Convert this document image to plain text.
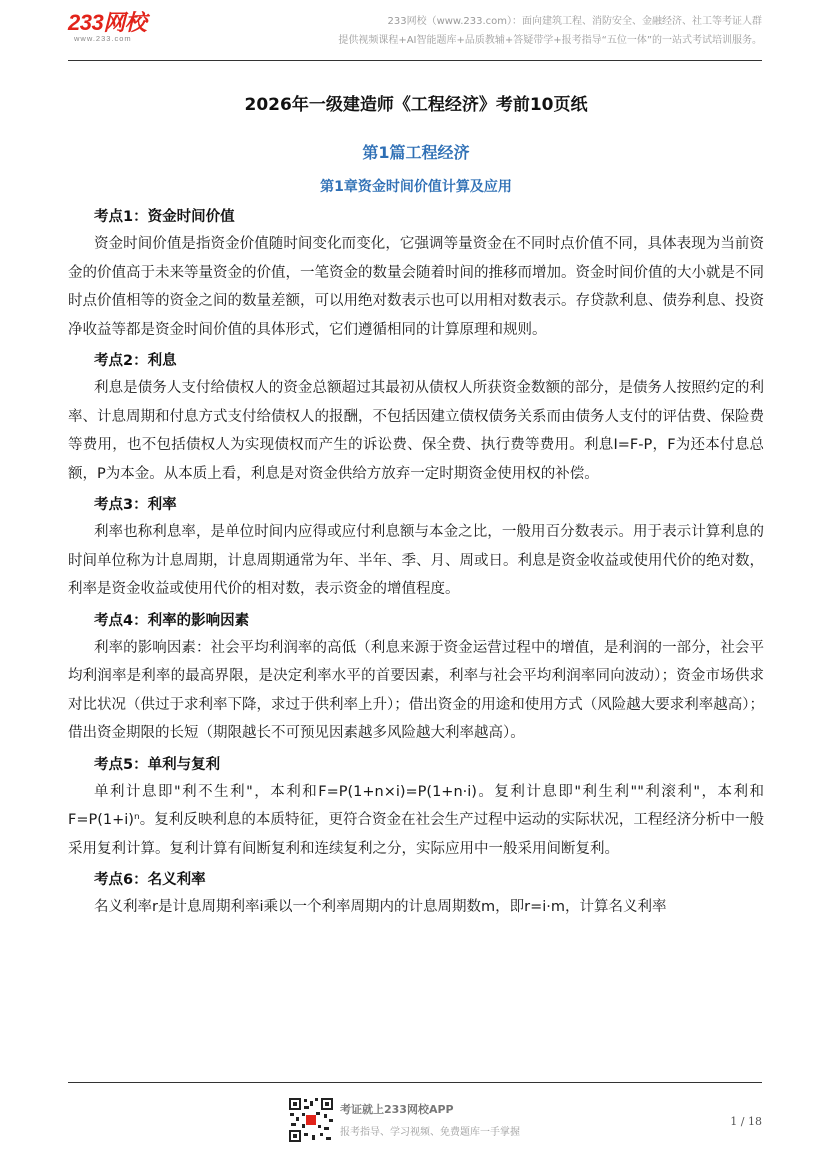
233网校
www.233.com
233网校（www.233.com）：面向建筑工程、消防安全、金融经济、社工等考证人群
提供视频课程+AI智能题库+品质教辅+答疑带学+报考指导“五位一体”的一站式考试培训服务。
2026年一级建造师《工程经济》考前10页纸
第1篇工程经济
第1章资金时间价值计算及应用
考点1：资金时间价值

资金时间价值是指资金价值随时间变化而变化，它强调等量资金在不同时点价值不同，具体表现为当前资金的价值高于未来等量资金的价值，一笔资金的数量会随着时间的推移而增加。资金时间价值的大小就是不同时点价值相等的资金之间的数量差额，可以用绝对数表示也可以用相对数表示。存贷款利息、债券利息、投资净收益等都是资金时间价值的具体形式，它们遵循相同的计算原理和规则。

考点2：利息

利息是债务人支付给债权人的资金总额超过其最初从债权人所获资金数额的部分，是债务人按照约定的利率、计息周期和付息方式支付给债权人的报酬，不包括因建立债权债务关系而由债务人支付的评估费、保险费等费用，也不包括债权人为实现债权而产生的诉讼费、保全费、执行费等费用。利息I=F-P，F为还本付息总额，P为本金。从本质上看，利息是对资金供给方放弃一定时期资金使用权的补偿。

考点3：利率

利率也称利息率，是单位时间内应得或应付利息额与本金之比，一般用百分数表示。用于表示计算利息的时间单位称为计息周期，计息周期通常为年、半年、季、月、周或日。利息是资金收益或使用代价的绝对数，利率是资金收益或使用代价的相对数，表示资金的增值程度。

考点4：利率的影响因素

利率的影响因素：社会平均利润率的高低（利息来源于资金运营过程中的增值，是利润的一部分，社会平均利润率是利率的最高界限，是决定利率水平的首要因素，利率与社会平均利润率同向波动）；资金市场供求对比状况（供过于求利率下降，求过于供利率上升）；借出资金的用途和使用方式（风险越大要求利率越高）；借出资金期限的长短（期限越长不可预见因素越多风险越大利率越高）。

考点5：单利与复利

单利计息即"利不生利"，本利和F=P(1+n×i)=P(1+n·i)。复利计息即"利生利""利滚利"，本利和F=P(1+i)ⁿ。复利反映利息的本质特征，更符合资金在社会生产过程中运动的实际状况，工程经济分析中一般采用复利计算。复利计算有间断复利和连续复利之分，实际应用中一般采用间断复利。

考点6：名义利率

名义利率r是计息周期利率i乘以一个利率周期内的计息周期数m，即r=i·m，计算名义利率

考证就上233网校APP
报考指导、学习视频、免费题库一手掌握
1 / 18
